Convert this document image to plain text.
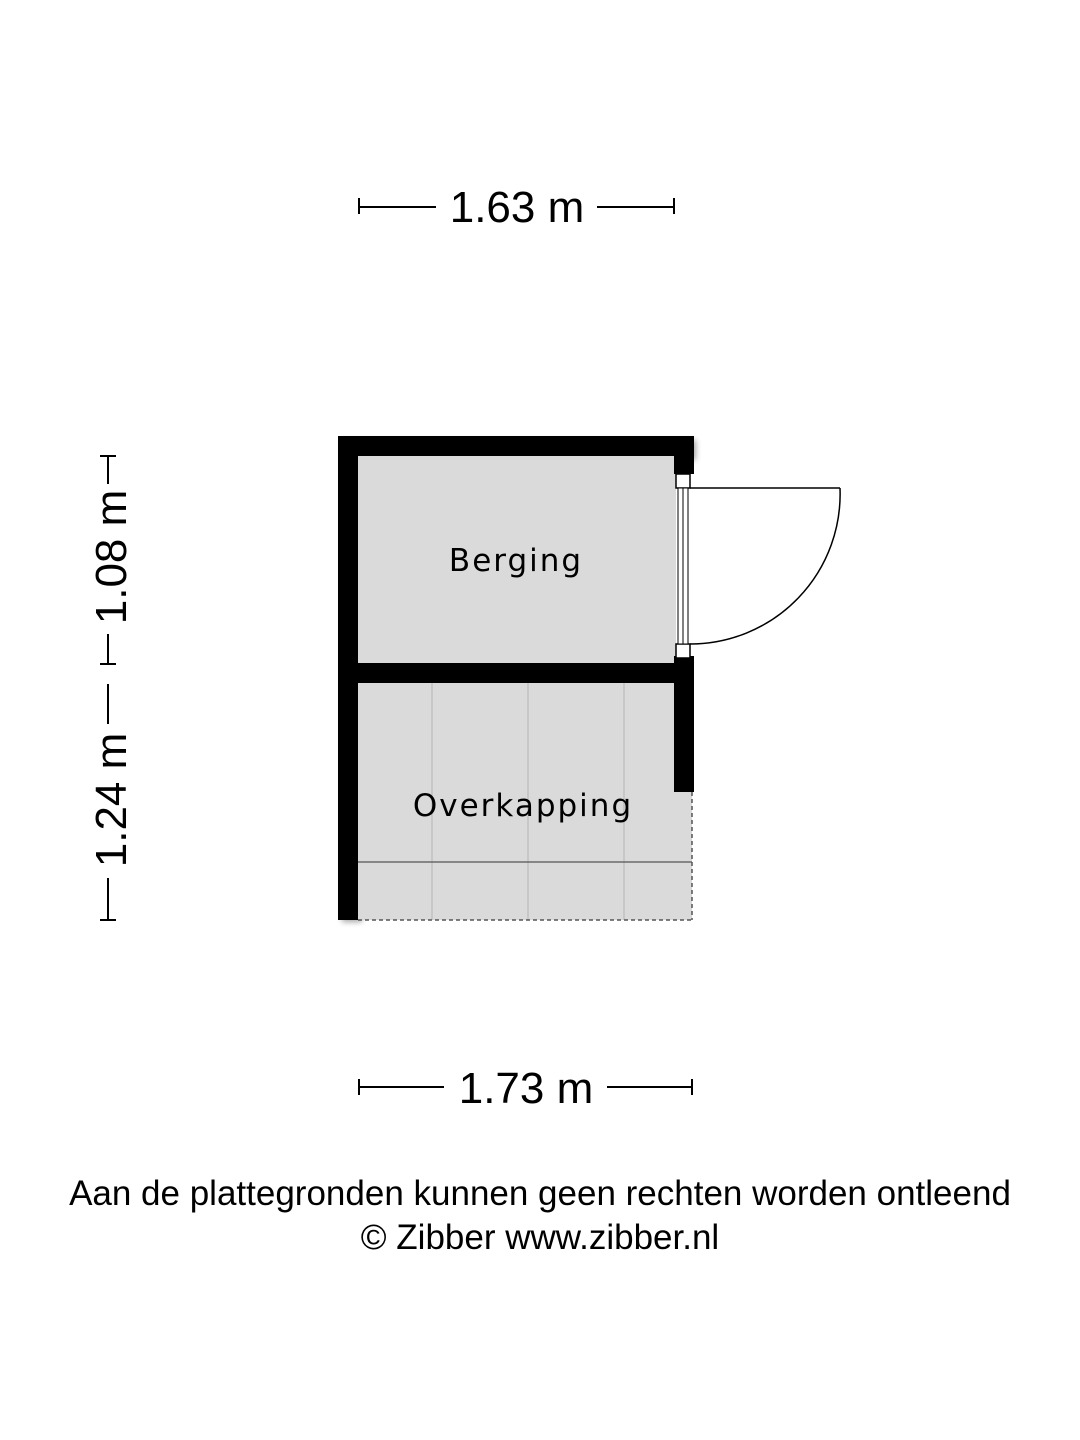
1.63 m
1.08 m
1.24 m
Berging
Overkapping
1.73 m
Aan de plattegronden kunnen geen rechten worden ontleend
© Zibber www.zibber.nl
